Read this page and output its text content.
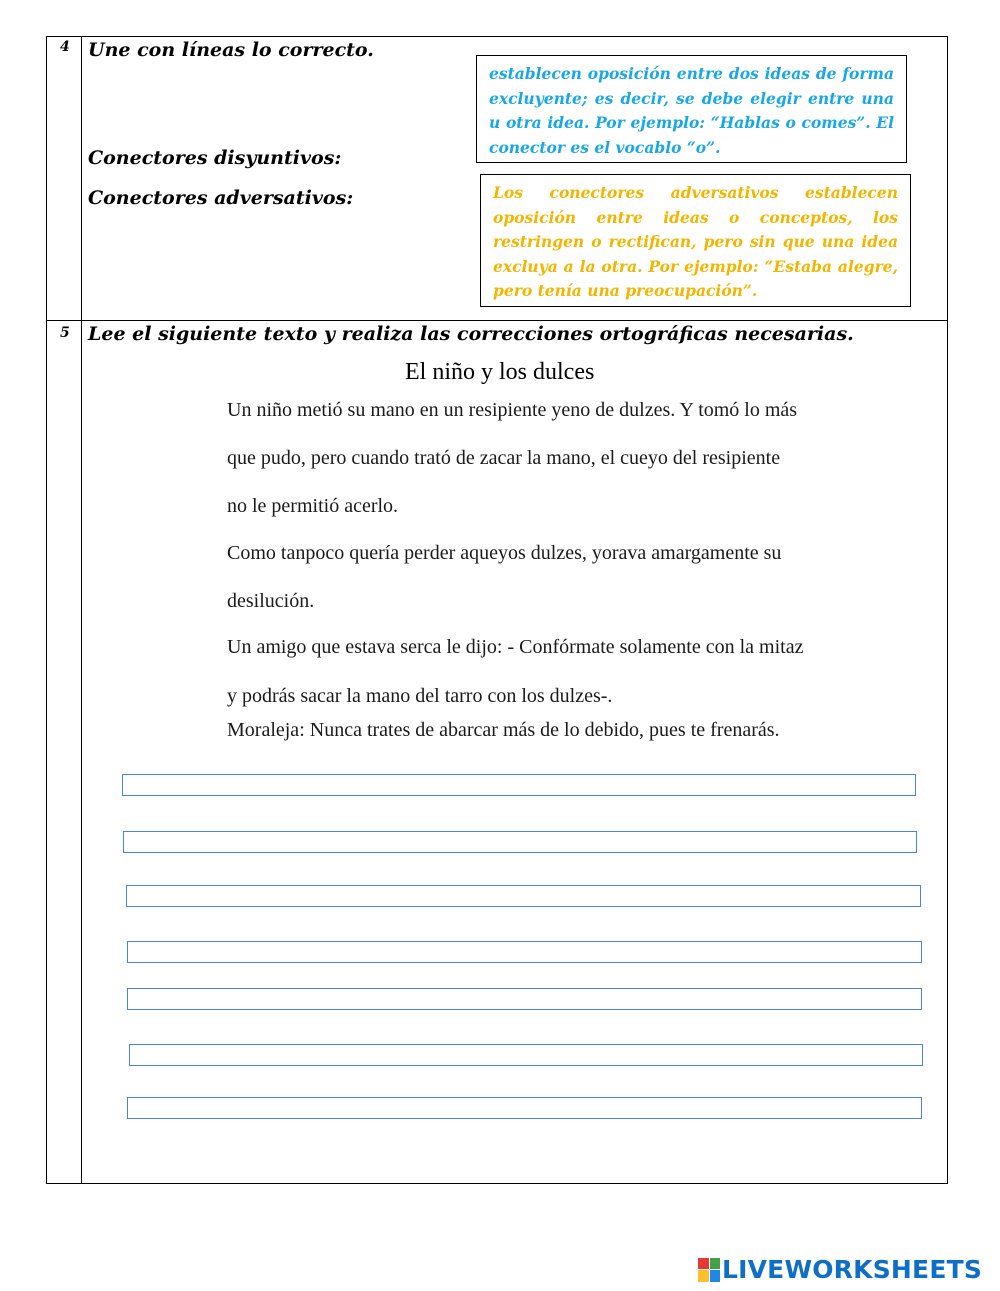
4 Une con líneas lo correcto.
Conectores disyuntivos:
Conectores adversativos:
establecen oposición entre dos ideas de forma excluyente; es decir, se debe elegir entre una u otra idea. Por ejemplo: “Hablas o comes”. El conector es el vocablo “o”.
Los conectores adversativos establecen oposición entre ideas o conceptos, los restringen o rectifican, pero sin que una idea excluya a la otra. Por ejemplo: “Estaba alegre, pero tenía una preocupación”.
5 Lee el siguiente texto y realiza las correcciones ortográficas necesarias.
El niño y los dulces
Un niño metió su mano en un resipiente yeno de dulzes. Y tomó lo más
que pudo, pero cuando trató de zacar la mano, el cueyo del resipiente
no le permitió acerlo.
Como tanpoco quería perder aqueyos dulzes, yorava amargamente su
desilución.
Un amigo que estava serca le dijo: - Confórmate solamente con la mitaz
y podrás sacar la mano del tarro con los dulzes-.
Moraleja: Nunca trates de abarcar más de lo debido, pues te frenarás.
LIVEWORKSHEETS
